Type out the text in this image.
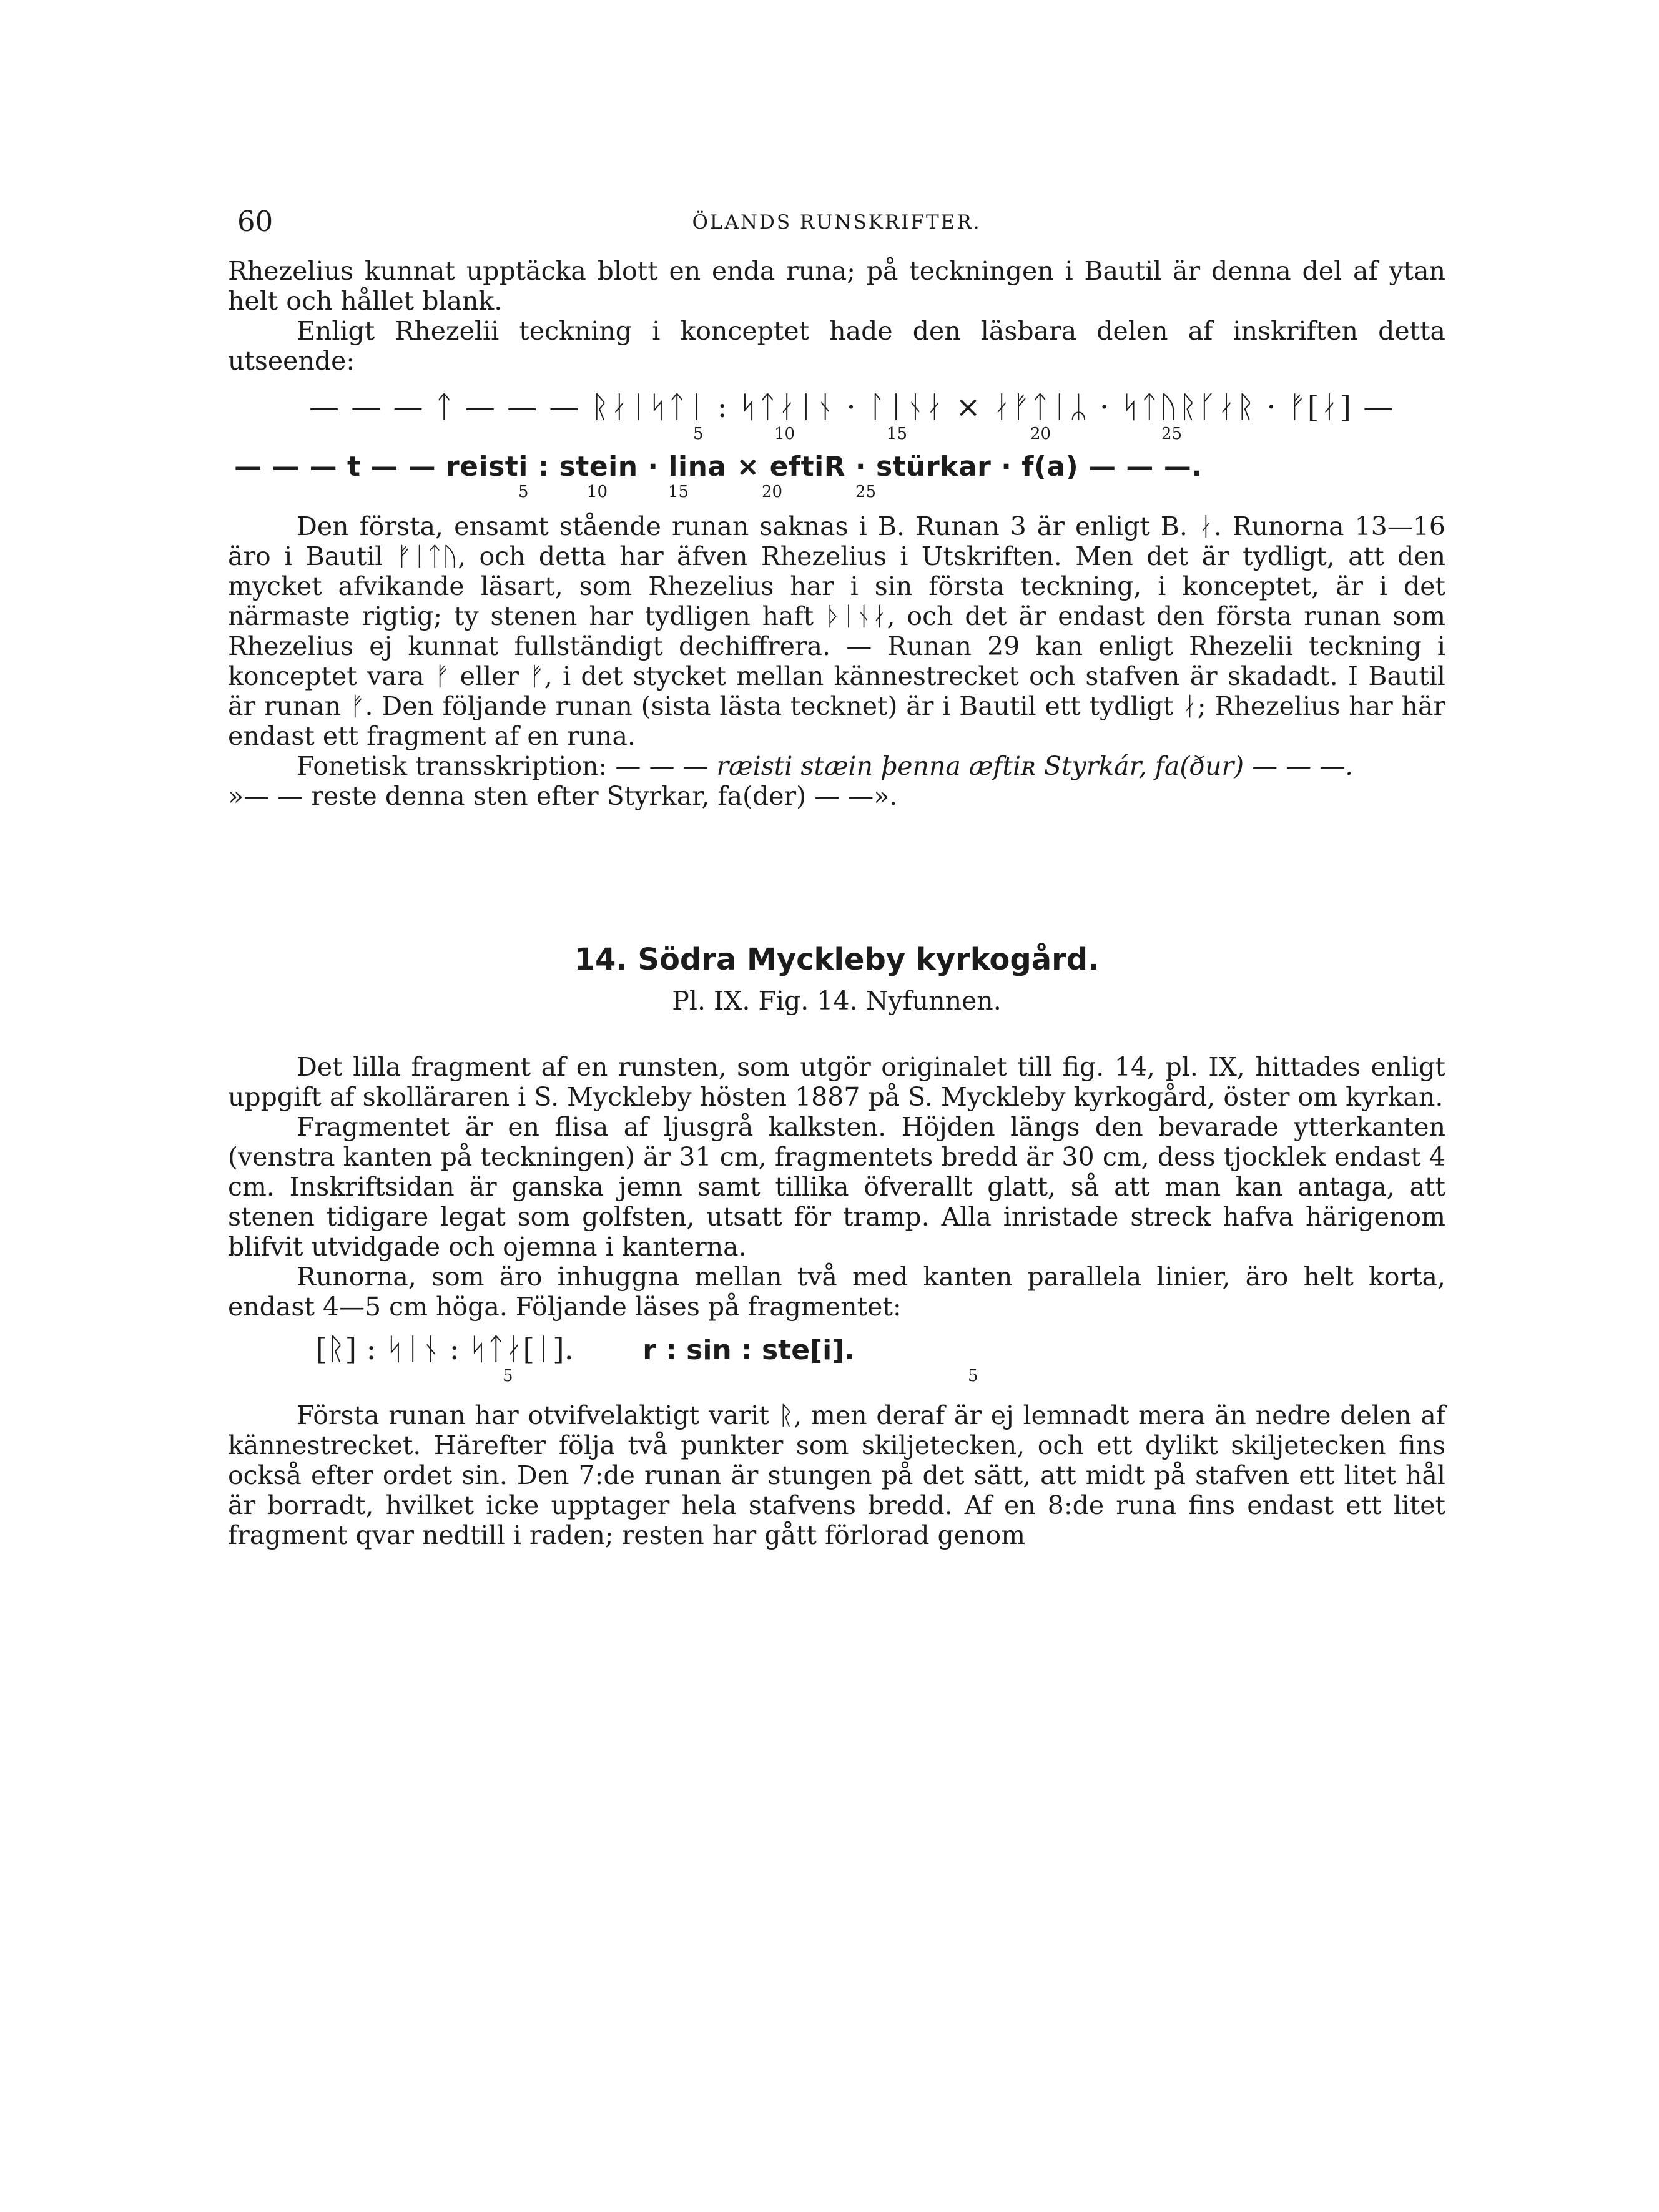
60	ÖLANDS RUNSKRIFTER.

Rhezelius kunnat upptäcka blott en enda runa; på teckningen i Bautil är denna del af ytan helt och hållet blank.

Enligt Rhezelii teckning i konceptet hade den läsbara delen af inskriften detta utseende:

— — — ᛏ — — — ᚱᛅᛁᛋᛏᛁ : ᛋᛏᛅᛁᚾ · ᛚᛁᚾᛅ × ᛅᚠᛏᛁᛦ · ᛋᛏᚢᚱᚴᛅᚱ · ᚠ[ᛅ] —
5	10	15	20	25
— — — t — — reisti : stein · lina × eftiR · stürkar · f(a) — — —.
5	10	15	20	25

Den första, ensamt stående runan saknas i B. Runan 3 är enligt B. ᛅ. Runorna 13—16 äro i Bautil ᚠᛁᛏᚢ, och detta har äfven Rhezelius i Utskriften. Men det är tydligt, att den mycket afvikande läsart, som Rhezelius har i sin första teckning, i konceptet, är i det närmaste rigtig; ty stenen har tydligen haft ᚦᛁᚾᛅ, och det är endast den första runan som Rhezelius ej kunnat fullständigt dechiffrera. — Runan 29 kan enligt Rhezelii teckning i konceptet vara ᚠ eller ᚠ, i det stycket mellan kännestrecket och stafven är skadadt. I Bautil är runan ᚠ. Den följande runan (sista lästa tecknet) är i Bautil ett tydligt ᛅ; Rhezelius har här endast ett fragment af en runa.

Fonetisk transskription: — — — ræisti stæin þenna æftiʀ Styrkár, fa(ður) — — —.

»— — reste denna sten efter Styrkar, fa(der) — —».

14. Södra Myckleby kyrkogård.
Pl. IX. Fig. 14. Nyfunnen.

Det lilla fragment af en runsten, som utgör originalet till fig. 14, pl. IX, hittades enligt uppgift af skolläraren i S. Myckleby hösten 1887 på S. Myckleby kyrkogård, öster om kyrkan.

Fragmentet är en flisa af ljusgrå kalksten. Höjden längs den bevarade ytterkanten (venstra kanten på teckningen) är 31 cm, fragmentets bredd är 30 cm, dess tjocklek endast 4 cm. Inskriftsidan är ganska jemn samt tillika öfverallt glatt, så att man kan antaga, att stenen tidigare legat som golfsten, utsatt för tramp. Alla inristade streck hafva härigenom blifvit utvidgade och ojemna i kanterna.

Runorna, som äro inhuggna mellan två med kanten parallela linier, äro helt korta, endast 4—5 cm höga. Följande läses på fragmentet:

[ᚱ] : ᛋᛁᚾ : ᛋᛏᛅ[ᛁ].	r : sin : ste[i].
5	5

Första runan har otvifvelaktigt varit ᚱ, men deraf är ej lemnadt mera än nedre delen af kännestrecket. Härefter följa två punkter som skiljetecken, och ett dylikt skiljetecken fins också efter ordet sin. Den 7:de runan är stungen på det sätt, att midt på stafven ett litet hål är borradt, hvilket icke upptager hela stafvens bredd. Af en 8:de runa fins endast ett litet fragment qvar nedtill i raden; resten har gått förlorad genom
